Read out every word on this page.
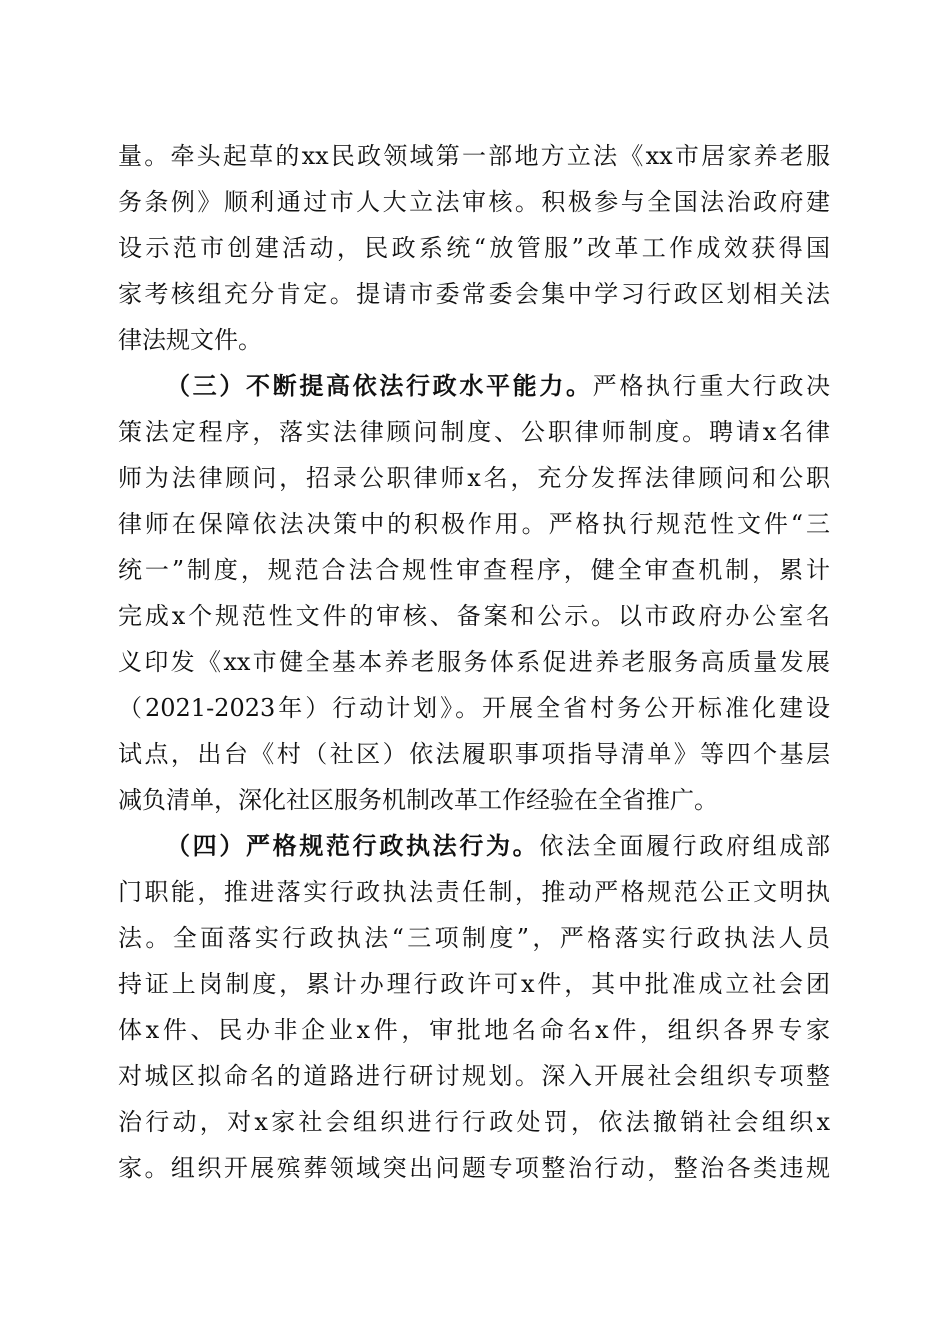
量。牵头起草的xx民政领域第一部地方立法《xx市居家养老服
务条例》顺利通过市人大立法审核。积极参与全国法治政府建
设示范市创建活动，民政系统“放管服”改革工作成效获得国
家考核组充分肯定。提请市委常委会集中学习行政区划相关法
律法规文件。
（三）不断提高依法行政水平能力。严格执行重大行政决
策法定程序，落实法律顾问制度、公职律师制度。聘请x名律
师为法律顾问，招录公职律师x名，充分发挥法律顾问和公职
律师在保障依法决策中的积极作用。严格执行规范性文件“三
统一”制度，规范合法合规性审查程序，健全审查机制，累计
完成x个规范性文件的审核、备案和公示。以市政府办公室名
义印发《xx市健全基本养老服务体系促进养老服务高质量发展
（2021-2023年）行动计划》。开展全省村务公开标准化建设
试点，出台《村（社区）依法履职事项指导清单》等四个基层
减负清单，深化社区服务机制改革工作经验在全省推广。
（四）严格规范行政执法行为。依法全面履行政府组成部
门职能，推进落实行政执法责任制，推动严格规范公正文明执
法。全面落实行政执法“三项制度”，严格落实行政执法人员
持证上岗制度，累计办理行政许可x件，其中批准成立社会团
体x件、民办非企业x件，审批地名命名x件，组织各界专家
对城区拟命名的道路进行研讨规划。深入开展社会组织专项整
治行动，对x家社会组织进行行政处罚，依法撤销社会组织x
家。组织开展殡葬领域突出问题专项整治行动，整治各类违规
